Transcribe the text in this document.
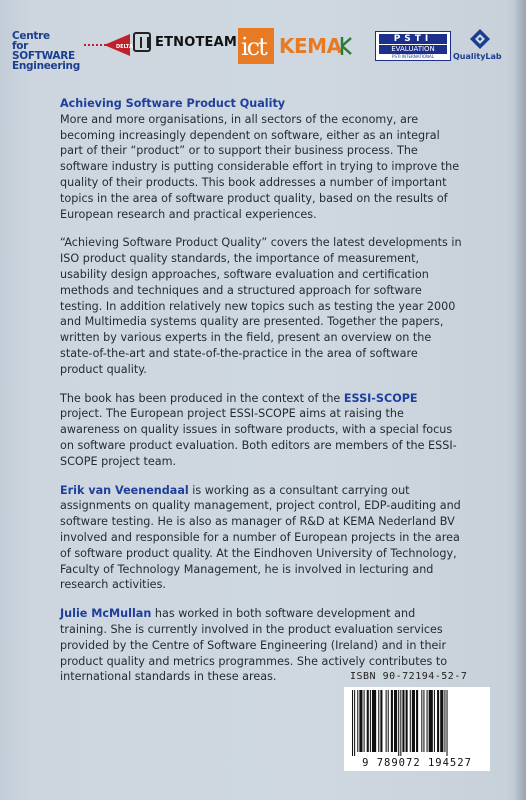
Centre
for SOFTWARE
Engineering
DELTA ETNOTEAM ict KEMA	PSTI
EVALUATION
PSTI INTERNATIONAL	QualityLab

Achieving Software Product Quality
More and more organisations, in all sectors of the economy, are becoming increasingly dependent on software, either as an integral part of their “product” or to support their business process. The software industry is putting considerable effort in trying to improve the quality of their products. This book addresses a number of important topics in the area of software product quality, based on the results of European research and practical experiences.

“Achieving Software Product Quality” covers the latest developments in ISO product quality standards, the importance of measurement, usability design approaches, software evaluation and certification methods and techniques and a structured approach for software testing. In addition relatively new topics such as testing the year 2000 and Multimedia systems quality are presented. Together the papers, written by various experts in the field, present an overview on the state-of-the-art and state-of-the-practice in the area of software product quality.

The book has been produced in the context of the ESSI-SCOPE project. The European project ESSI-SCOPE aims at raising the awareness on quality issues in software products, with a special focus on software product evaluation. Both editors are members of the ESSI-SCOPE project team.

Erik van Veenendaal is working as a consultant carrying out assignments on quality management, project control, EDP-auditing and software testing. He is also as manager of R&D at KEMA Nederland BV involved and responsible for a number of European projects in the area of software product quality. At the Eindhoven University of Technology, Faculty of Technology Management, he is involved in lecturing and research activities.

Julie McMullan has worked in both software development and training. She is currently involved in the product evaluation services provided by the Centre of Software Engineering (Ireland) and in their product quality and metrics programmes. She actively contributes to international standards in these areas.	ISBN 90-72194-52-7
9 789072 194527
